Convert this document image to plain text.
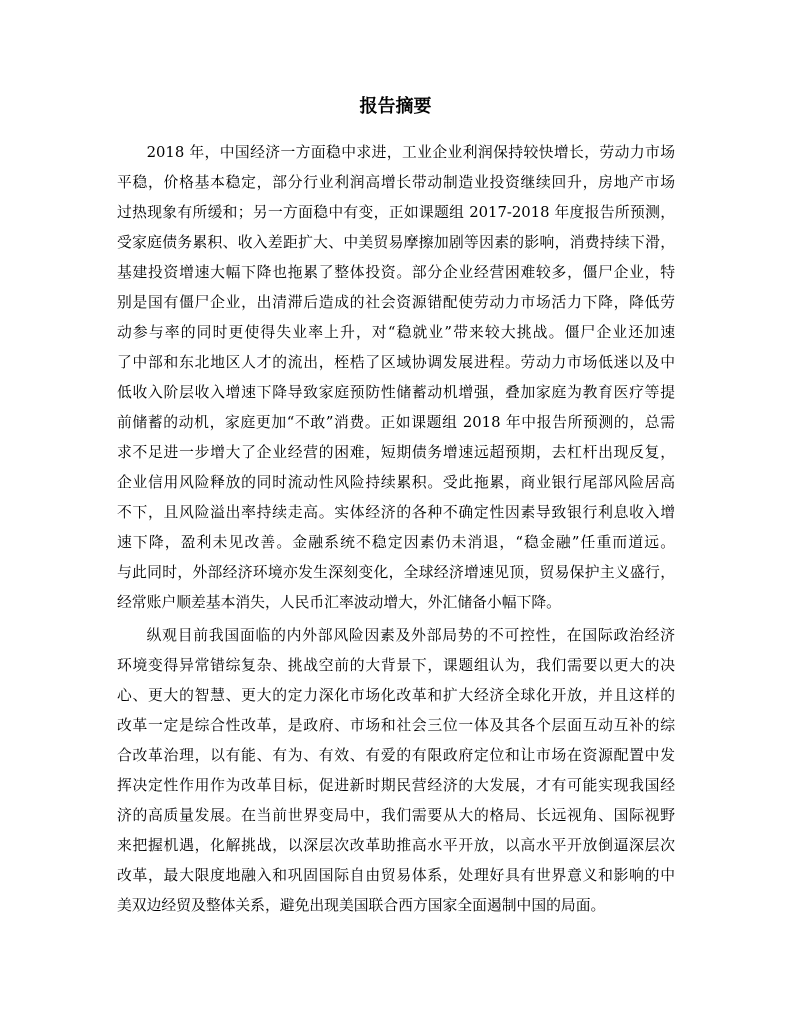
报告摘要
2018 年，中国经济一方面稳中求进，工业企业利润保持较快增长，劳动力市场
平稳，价格基本稳定，部分行业利润高增长带动制造业投资继续回升，房地产市场
过热现象有所缓和；另一方面稳中有变，正如课题组 2017-2018 年度报告所预测，
受家庭债务累积、收入差距扩大、中美贸易摩擦加剧等因素的影响，消费持续下滑，
基建投资增速大幅下降也拖累了整体投资。部分企业经营困难较多，僵尸企业，特
别是国有僵尸企业，出清滞后造成的社会资源错配使劳动力市场活力下降，降低劳
动参与率的同时更使得失业率上升，对“稳就业”带来较大挑战。僵尸企业还加速
了中部和东北地区人才的流出，桎梏了区域协调发展进程。劳动力市场低迷以及中
低收入阶层收入增速下降导致家庭预防性储蓄动机增强，叠加家庭为教育医疗等提
前储蓄的动机，家庭更加“不敢”消费。正如课题组 2018 年中报告所预测的，总需
求不足进一步增大了企业经营的困难，短期债务增速远超预期，去杠杆出现反复，
企业信用风险释放的同时流动性风险持续累积。受此拖累，商业银行尾部风险居高
不下，且风险溢出率持续走高。实体经济的各种不确定性因素导致银行利息收入增
速下降，盈利未见改善。金融系统不稳定因素仍未消退，“稳金融”任重而道远。
与此同时，外部经济环境亦发生深刻变化，全球经济增速见顶，贸易保护主义盛行，
经常账户顺差基本消失，人民币汇率波动增大，外汇储备小幅下降。
纵观目前我国面临的内外部风险因素及外部局势的不可控性，在国际政治经济
环境变得异常错综复杂、挑战空前的大背景下，课题组认为，我们需要以更大的决
心、更大的智慧、更大的定力深化市场化改革和扩大经济全球化开放，并且这样的
改革一定是综合性改革，是政府、市场和社会三位一体及其各个层面互动互补的综
合改革治理，以有能、有为、有效、有爱的有限政府定位和让市场在资源配置中发
挥决定性作用作为改革目标，促进新时期民营经济的大发展，才有可能实现我国经
济的高质量发展。在当前世界变局中，我们需要从大的格局、长远视角、国际视野
来把握机遇，化解挑战，以深层次改革助推高水平开放，以高水平开放倒逼深层次
改革，最大限度地融入和巩固国际自由贸易体系，处理好具有世界意义和影响的中
美双边经贸及整体关系，避免出现美国联合西方国家全面遏制中国的局面。
